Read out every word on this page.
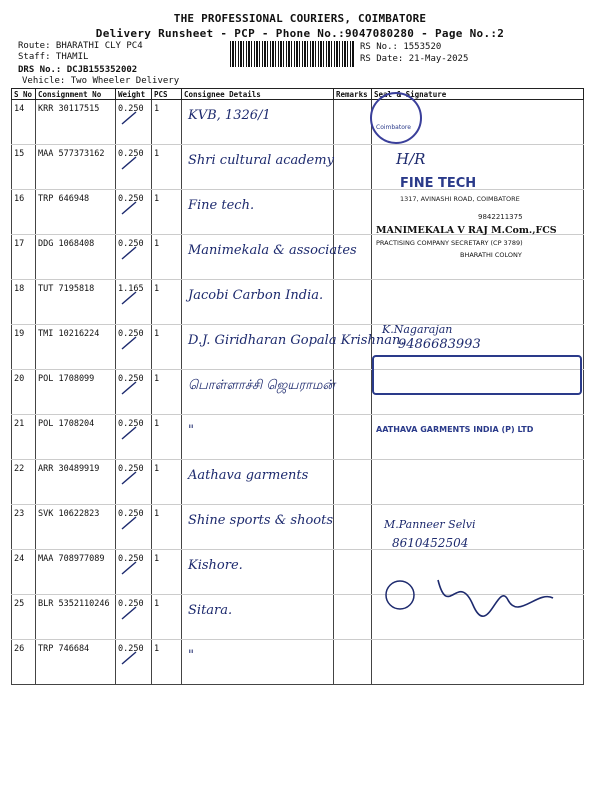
THE PROFESSIONAL COURIERS, COIMBATORE
Delivery Runsheet - PCP - Phone No.:9047080280 - Page No.:2
Route: BHARATHI CLY PC4
Staff: THAMIL
DRS No.: DCJB155352002
Vehicle: Two Wheeler Delivery
RS No.: 1553520
RS Date: 21-May-2025
S No	Consignment No	Weight	PCS	Consignee Details	Remarks	Seal & Signature
14	KRR 30117515	0.250	1	KVB, 1326/1		

15	MAA 577373162	0.250	1	Shri cultural academy		

16	TRP 646948	0.250	1	Fine tech.		

17	DDG 1068408	0.250	1	Manimekala & associates		

18	TUT 7195818	1.165	1	Jacobi Carbon India.		

19	TMI 10216224	0.250	1	D.J. Giridharan Gopala Krishnan.		

20	POL 1708099	0.250	1	பொள்ளாச்சி ஜெயராமன்		

21	POL 1708204	0.250	1	"		

22	ARR 30489919	0.250	1	Aathava garments		

23	SVK 10622823	0.250	1	Shine sports & shoots		

24	MAA 708977089	0.250	1	Kishore.		

25	BLR 5352110246	0.250	1	Sitara.		

26	TRP 746684	0.250	1	"		

Coimbatore
H/R
FINE TECH
1317, AVINASHI ROAD, COIMBATORE
9842211375
MANIMEKALA V RAJ M.Com.,FCS
PRACTISING COMPANY SECRETARY (CP 3789)
BHARATHI COLONY
K.Nagarajan
9486683993
AATHAVA GARMENTS INDIA (P) LTD
M.Panneer Selvi
8610452504
